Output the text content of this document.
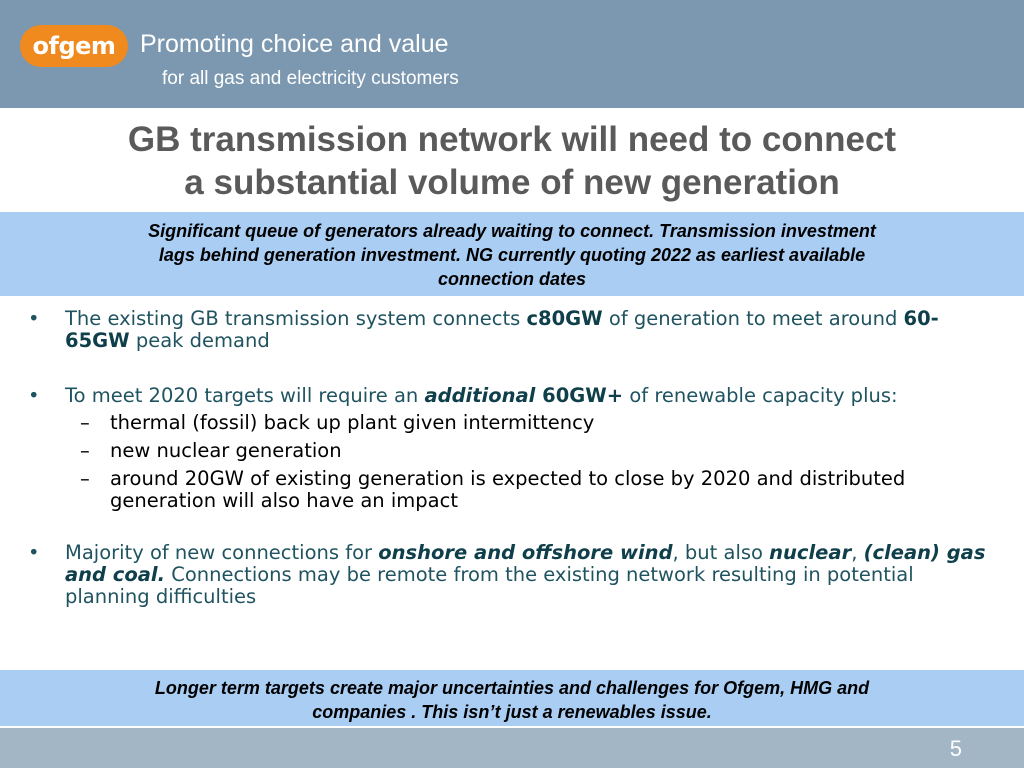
ofgem Promoting choice and value
for all gas and electricity customers
GB transmission network will need to connect
a substantial volume of new generation
Significant queue of generators already waiting to connect. Transmission investment
lags behind generation investment. NG currently quoting 2022 as earliest available
connection dates
• The existing GB transmission system connects c80GW of generation to meet around 60-65GW peak demand
• To meet 2020 targets will require an additional 60GW+ of renewable capacity plus:
– thermal (fossil) back up plant given intermittency
– new nuclear generation
– around 20GW of existing generation is expected to close by 2020 and distributed generation will also have an impact
• Majority of new connections for onshore and offshore wind, but also nuclear, (clean) gas and coal. Connections may be remote from the existing network resulting in potential planning difficulties
Longer term targets create major uncertainties and challenges for Ofgem, HMG and
companies . This isn’t just a renewables issue.
5
